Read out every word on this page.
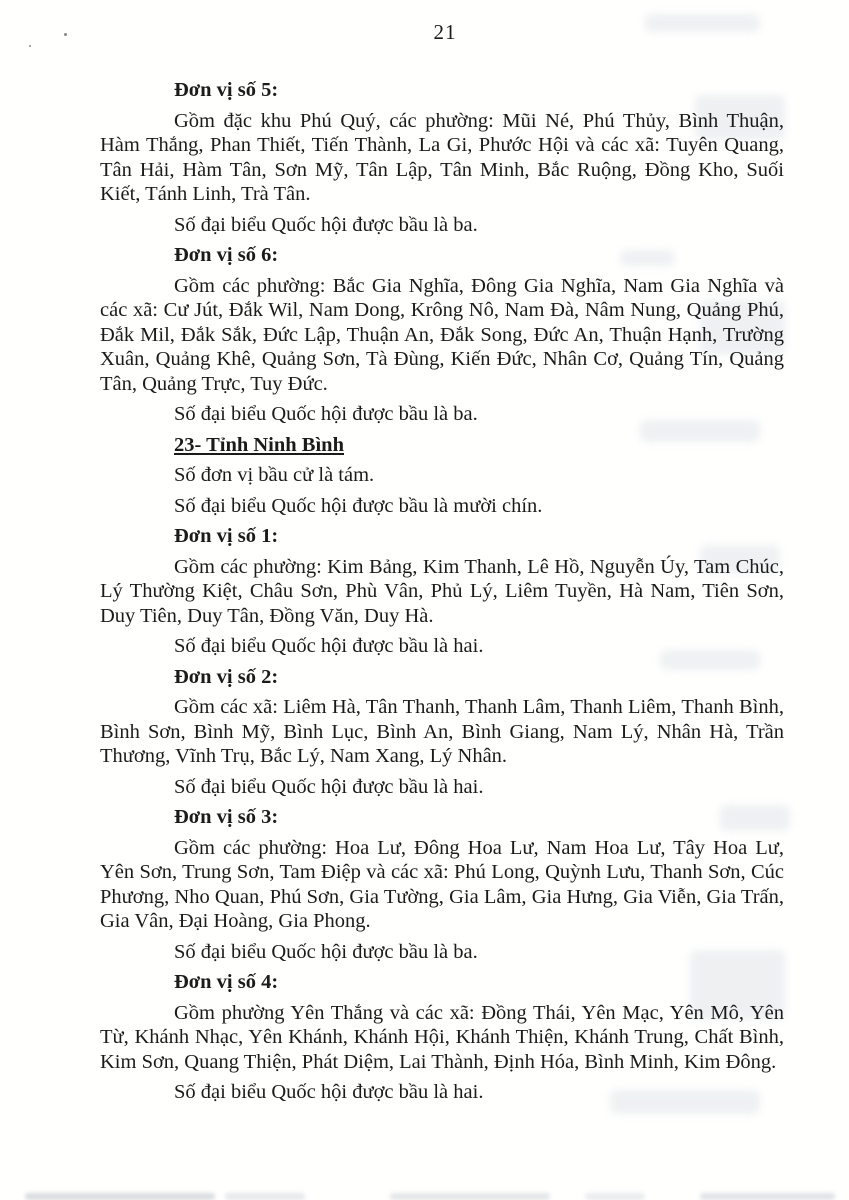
21
Đơn vị số 5:
Gồm đặc khu Phú Quý, các phường: Mũi Né, Phú Thủy, Bình Thuận, Hàm Thắng, Phan Thiết, Tiến Thành, La Gi, Phước Hội và các xã: Tuyên Quang, Tân Hải, Hàm Tân, Sơn Mỹ, Tân Lập, Tân Minh, Bắc Ruộng, Đồng Kho, Suối Kiết, Tánh Linh, Trà Tân.
Số đại biểu Quốc hội được bầu là ba.
Đơn vị số 6:
Gồm các phường: Bắc Gia Nghĩa, Đông Gia Nghĩa, Nam Gia Nghĩa và các xã: Cư Jút, Đắk Wil, Nam Dong, Krông Nô, Nam Đà, Nâm Nung, Quảng Phú, Đắk Mil, Đắk Sắk, Đức Lập, Thuận An, Đắk Song, Đức An, Thuận Hạnh, Trường Xuân, Quảng Khê, Quảng Sơn, Tà Đùng, Kiến Đức, Nhân Cơ, Quảng Tín, Quảng Tân, Quảng Trực, Tuy Đức.
Số đại biểu Quốc hội được bầu là ba.
23- Tỉnh Ninh Bình
Số đơn vị bầu cử là tám.
Số đại biểu Quốc hội được bầu là mười chín.
Đơn vị số 1:
Gồm các phường: Kim Bảng, Kim Thanh, Lê Hồ, Nguyễn Úy, Tam Chúc, Lý Thường Kiệt, Châu Sơn, Phù Vân, Phủ Lý, Liêm Tuyền, Hà Nam, Tiên Sơn, Duy Tiên, Duy Tân, Đồng Văn, Duy Hà.
Số đại biểu Quốc hội được bầu là hai.
Đơn vị số 2:
Gồm các xã: Liêm Hà, Tân Thanh, Thanh Lâm, Thanh Liêm, Thanh Bình, Bình Sơn, Bình Mỹ, Bình Lục, Bình An, Bình Giang, Nam Lý, Nhân Hà, Trần Thương, Vĩnh Trụ, Bắc Lý, Nam Xang, Lý Nhân.
Số đại biểu Quốc hội được bầu là hai.
Đơn vị số 3:
Gồm các phường: Hoa Lư, Đông Hoa Lư, Nam Hoa Lư, Tây Hoa Lư, Yên Sơn, Trung Sơn, Tam Điệp và các xã: Phú Long, Quỳnh Lưu, Thanh Sơn, Cúc Phương, Nho Quan, Phú Sơn, Gia Tường, Gia Lâm, Gia Hưng, Gia Viễn, Gia Trấn, Gia Vân, Đại Hoàng, Gia Phong.
Số đại biểu Quốc hội được bầu là ba.
Đơn vị số 4:
Gồm phường Yên Thắng và các xã: Đồng Thái, Yên Mạc, Yên Mô, Yên Từ, Khánh Nhạc, Yên Khánh, Khánh Hội, Khánh Thiện, Khánh Trung, Chất Bình, Kim Sơn, Quang Thiện, Phát Diệm, Lai Thành, Định Hóa, Bình Minh, Kim Đông.
Số đại biểu Quốc hội được bầu là hai.
